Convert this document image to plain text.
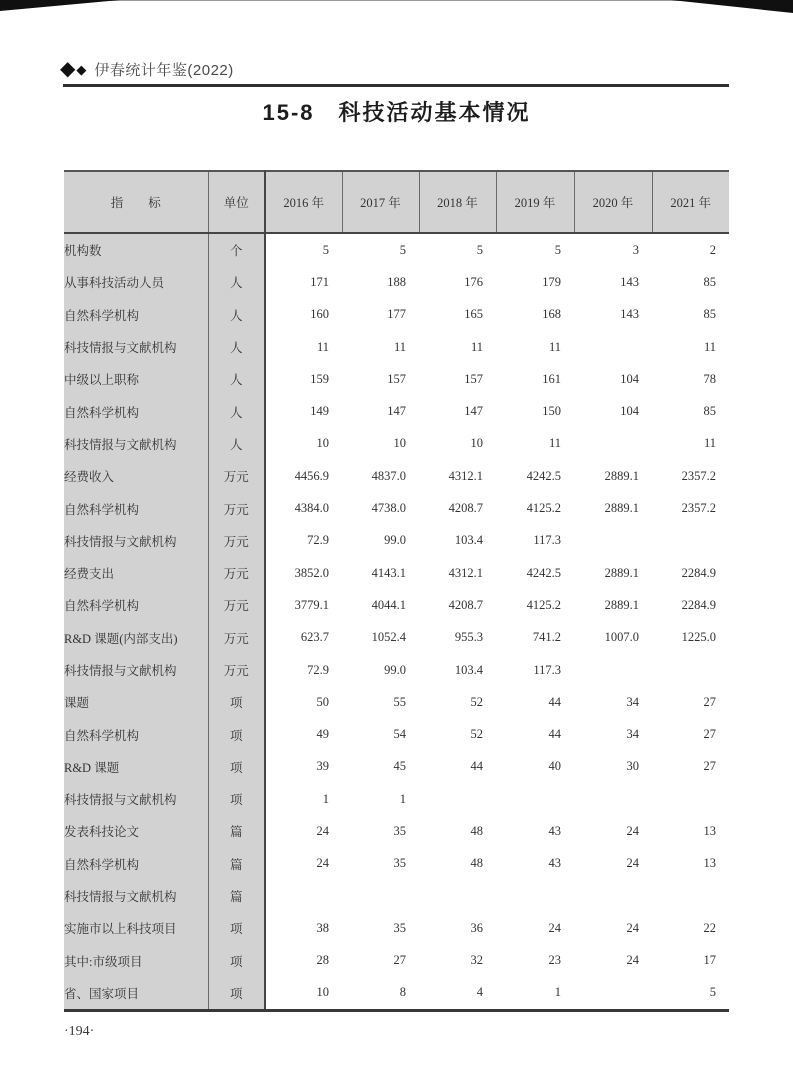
◆ ◆ 伊春统计年鉴(2022)
15-8　科技活动基本情况
指　　标	单位	2016 年	2017 年	2018 年	2019 年	2020 年	2021 年
机构数	个	5	5	5	5	3	2
从事科技活动人员	人	171	188	176	179	143	85
自然科学机构	人	160	177	165	168	143	85
科技情报与文献机构	人	11	11	11	11		11
中级以上职称	人	159	157	157	161	104	78
自然科学机构	人	149	147	147	150	104	85
科技情报与文献机构	人	10	10	10	11		11
经费收入	万元	4456.9	4837.0	4312.1	4242.5	2889.1	2357.2
自然科学机构	万元	4384.0	4738.0	4208.7	4125.2	2889.1	2357.2
科技情报与文献机构	万元	72.9	99.0	103.4	117.3		
经费支出	万元	3852.0	4143.1	4312.1	4242.5	2889.1	2284.9
自然科学机构	万元	3779.1	4044.1	4208.7	4125.2	2889.1	2284.9
R&D 课题(内部支出)	万元	623.7	1052.4	955.3	741.2	1007.0	1225.0
科技情报与文献机构	万元	72.9	99.0	103.4	117.3		
课题	项	50	55	52	44	34	27
自然科学机构	项	49	54	52	44	34	27
R&D 课题	项	39	45	44	40	30	27
科技情报与文献机构	项	1	1				
发表科技论文	篇	24	35	48	43	24	13
自然科学机构	篇	24	35	48	43	24	13
科技情报与文献机构	篇						
实施市以上科技项目	项	38	35	36	24	24	22
其中:市级项目	项	28	27	32	23	24	17
省、国家项目	项	10	8	4	1		5
·194·
